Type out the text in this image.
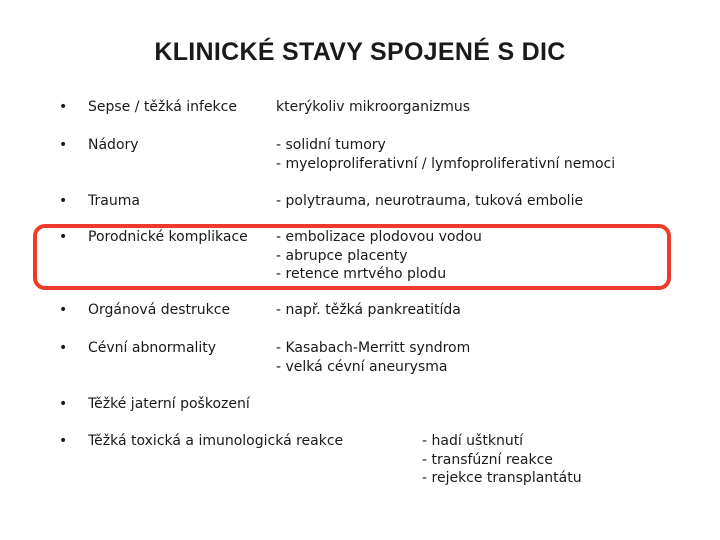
KLINICKÉ STAVY SPOJENÉ S DIC
• Sepse / těžká infekce	kterýkoliv mikroorganizmus
• Nádory	- solidní tumory
- myeloproliferativní / lymfoproliferativní nemoci
• Trauma	- polytrauma, neurotrauma, tuková embolie
• Porodnické komplikace - embolizace plodovou vodou
- abrupce placenty
- retence mrtvého plodu
• Orgánová destrukce	- např. těžká pankreatitída
• Cévní abnormality	- Kasabach-Merritt syndrom
- velká cévní aneurysma
• Těžké jaterní poškození
• Těžká toxická a imunologická reakce	- hadí uštknutí
- transfúzní reakce
- rejekce transplantátu
